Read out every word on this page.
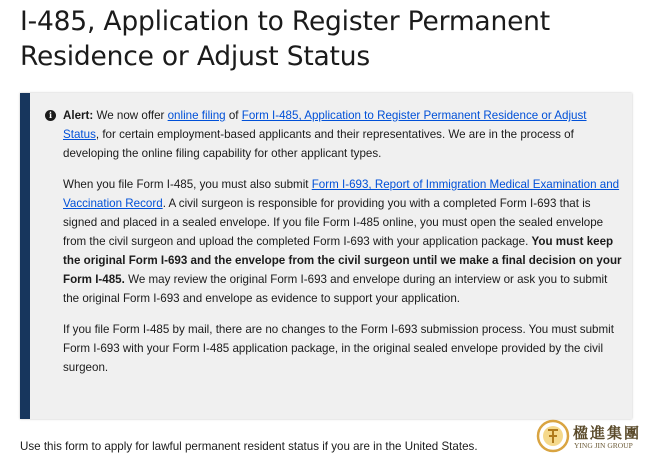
I-485, Application to Register Permanent Residence or Adjust Status
i Alert: We now offer online filing of Form I-485, Application to Register Permanent Residence or Adjust Status, for certain employment-based applicants and their representatives. We are in the process of developing the online filing capability for other applicant types.

When you file Form I-485, you must also submit Form I-693, Report of Immigration Medical Examination and Vaccination Record. A civil surgeon is responsible for providing you with a completed Form I-693 that is signed and placed in a sealed envelope. If you file Form I-485 online, you must open the sealed envelope from the civil surgeon and upload the completed Form I-693 with your application package. You must keep the original Form I-693 and the envelope from the civil surgeon until we make a final decision on your Form I-485. We may review the original Form I-693 and envelope during an interview or ask you to submit the original Form I-693 and envelope as evidence to support your application.

If you file Form I-485 by mail, there are no changes to the Form I-693 submission process. You must submit Form I-693 with your Form I-485 application package, in the original sealed envelope provided by the civil surgeon.

Use this form to apply for lawful permanent resident status if you are in the United States.

楹進集團
YING JIN GROUP
